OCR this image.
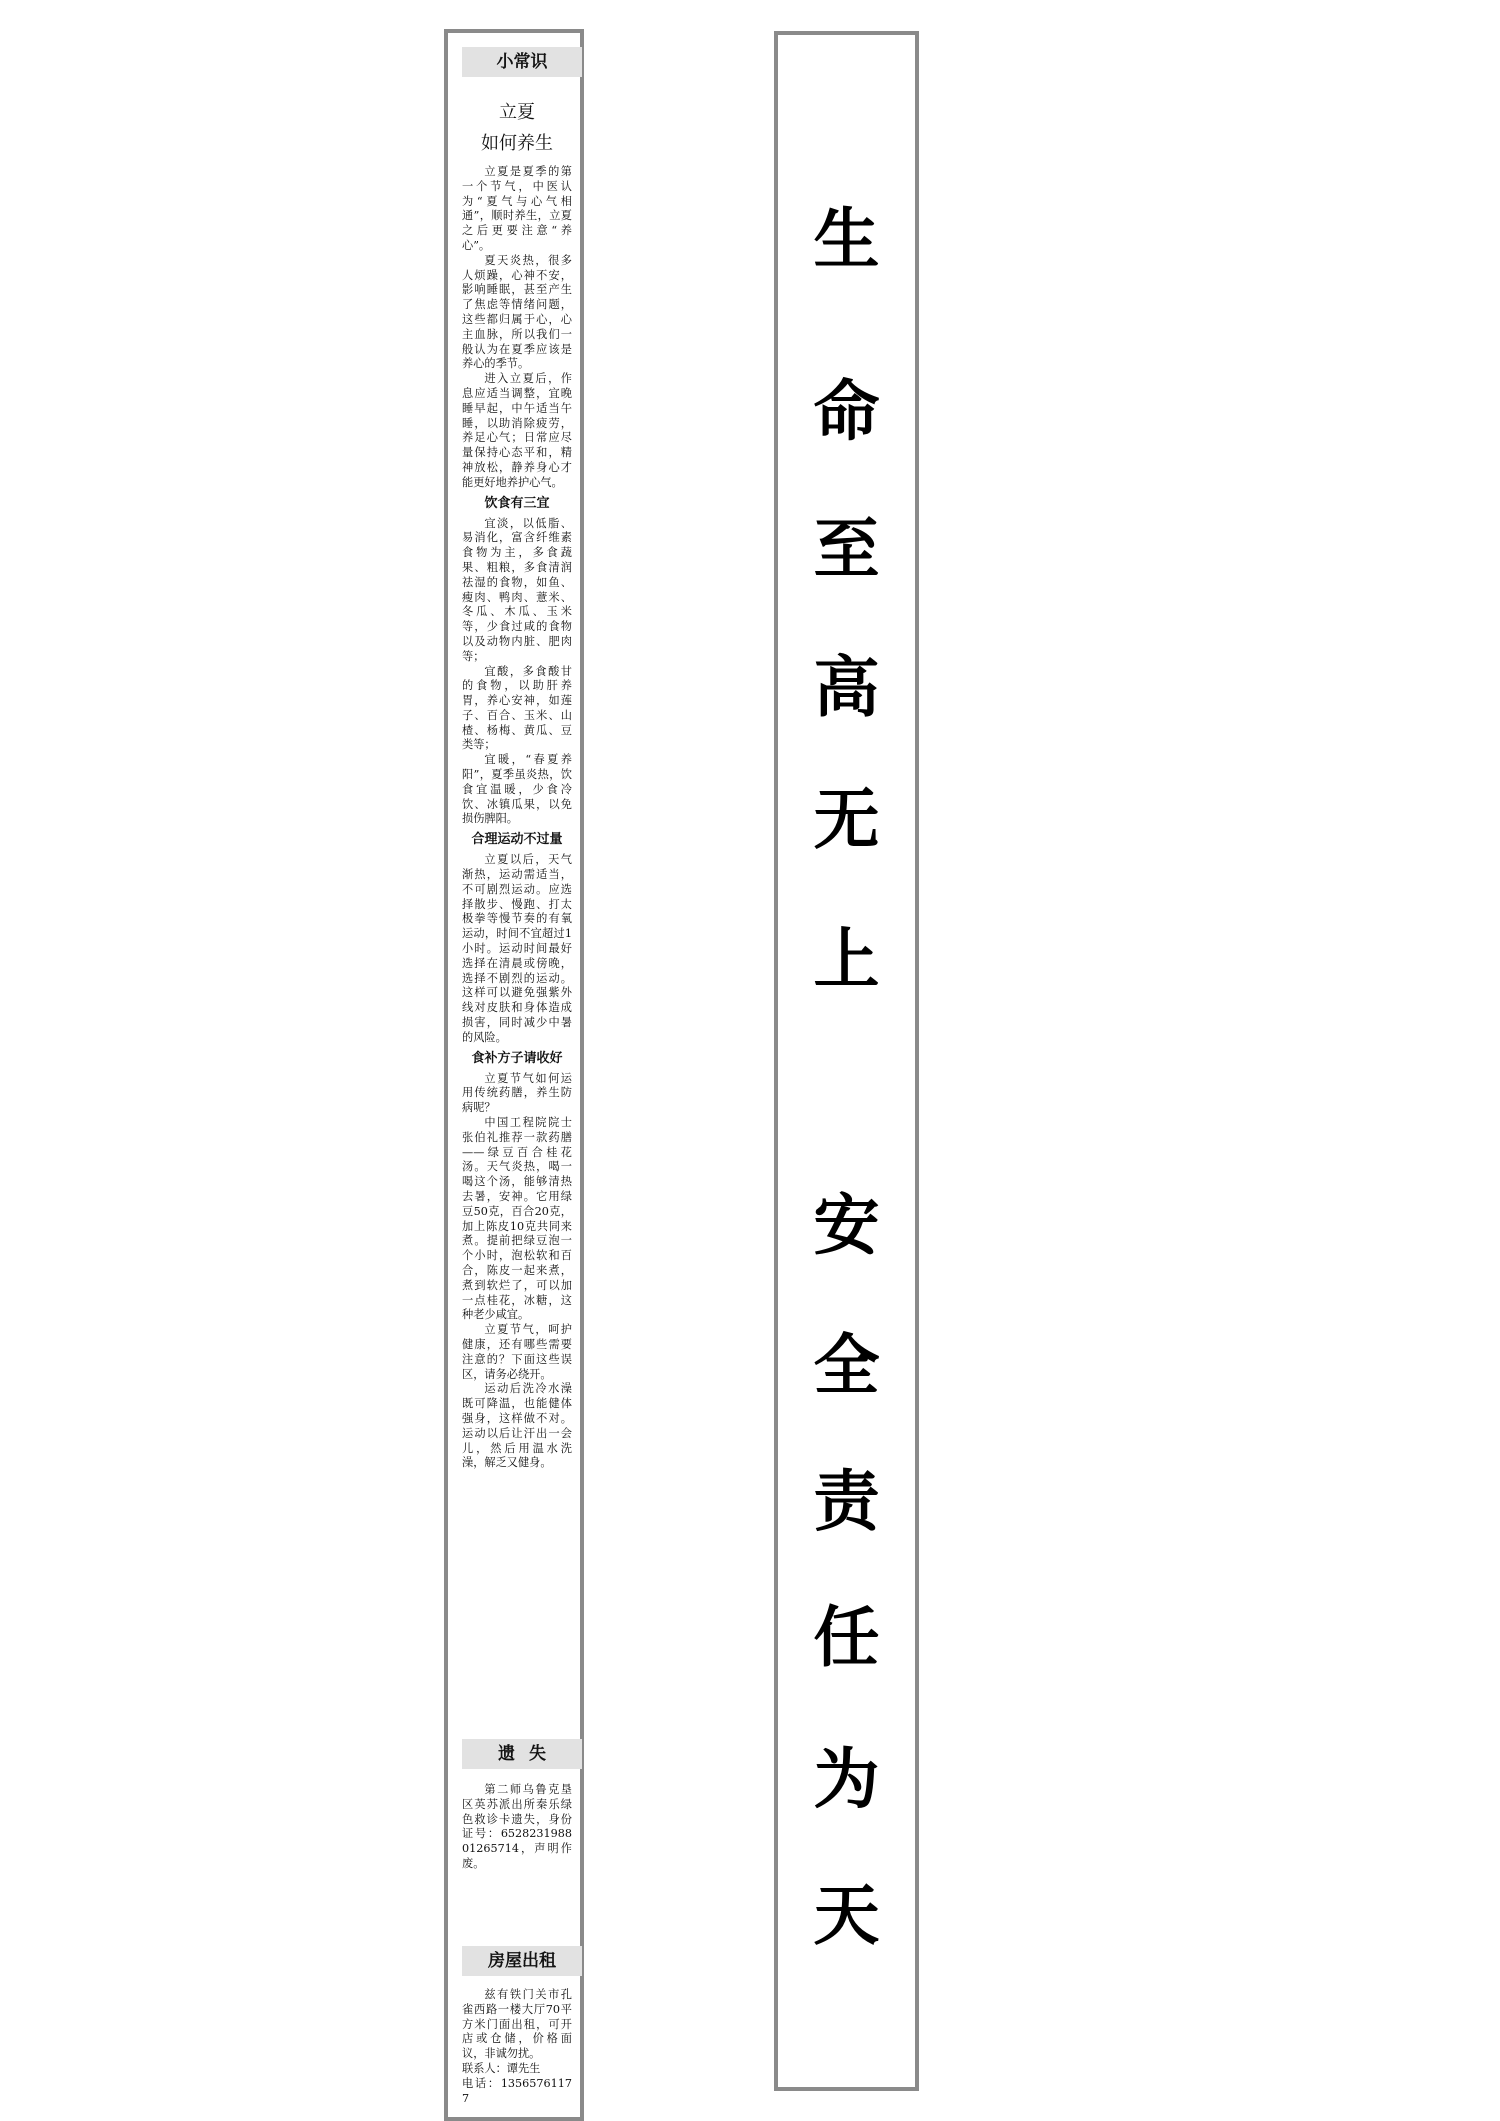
小常识
立夏
如何养生

立夏是夏季的第一个节气，中医认为“夏气与心气相通”，顺时养生，立夏之后更要注意“养心”。

夏天炎热，很多人烦躁，心神不安，影响睡眠，甚至产生了焦虑等情绪问题，这些都归属于心，心主血脉，所以我们一般认为在夏季应该是养心的季节。

进入立夏后，作息应适当调整，宜晚睡早起，中午适当午睡，以助消除疲劳，养足心气；日常应尽量保持心态平和，精神放松，静养身心才能更好地养护心气。

饮食有三宜

宜淡，以低脂、易消化，富含纤维素食物为主，多食蔬果、粗粮，多食清润祛湿的食物，如鱼、瘦肉、鸭肉、薏米、冬瓜、木瓜、玉米等，少食过咸的食物以及动物内脏、肥肉等；

宜酸，多食酸甘的食物，以助肝养胃，养心安神，如莲子、百合、玉米、山楂、杨梅、黄瓜、豆类等；

宜暖，“春夏养阳”，夏季虽炎热，饮食宜温暖，少食冷饮、冰镇瓜果，以免损伤脾阳。

合理运动不过量

立夏以后，天气渐热，运动需适当，不可剧烈运动。应选择散步、慢跑、打太极拳等慢节奏的有氧运动，时间不宜超过1小时。运动时间最好选择在清晨或傍晚，选择不剧烈的运动。这样可以避免强紫外线对皮肤和身体造成损害，同时减少中暑的风险。

食补方子请收好

立夏节气如何运用传统药膳，养生防病呢？

中国工程院院士张伯礼推荐一款药膳——绿豆百合桂花汤。天气炎热，喝一喝这个汤，能够清热去暑，安神。它用绿豆50克，百合20克，加上陈皮10克共同来煮。提前把绿豆泡一个小时，泡松软和百合，陈皮一起来煮，煮到软烂了，可以加一点桂花，冰糖，这种老少咸宜。

立夏节气，呵护健康，还有哪些需要注意的？下面这些误区，请务必绕开。

运动后洗冷水澡既可降温，也能健体强身，这样做不对。运动以后让汗出一会儿，然后用温水洗澡，解乏又健身。

遗失

第二师乌鲁克垦区英苏派出所秦乐绿色救诊卡遗失，身份证号：652823198801265714，声明作废。

房屋出租

兹有铁门关市孔雀西路一楼大厅70平方米门面出租，可开店或仓储，价格面议，非诚勿扰。

联系人：谭先生

电话：13565761177

生
命
至
高
无
上
安
全
责
任
为
天
